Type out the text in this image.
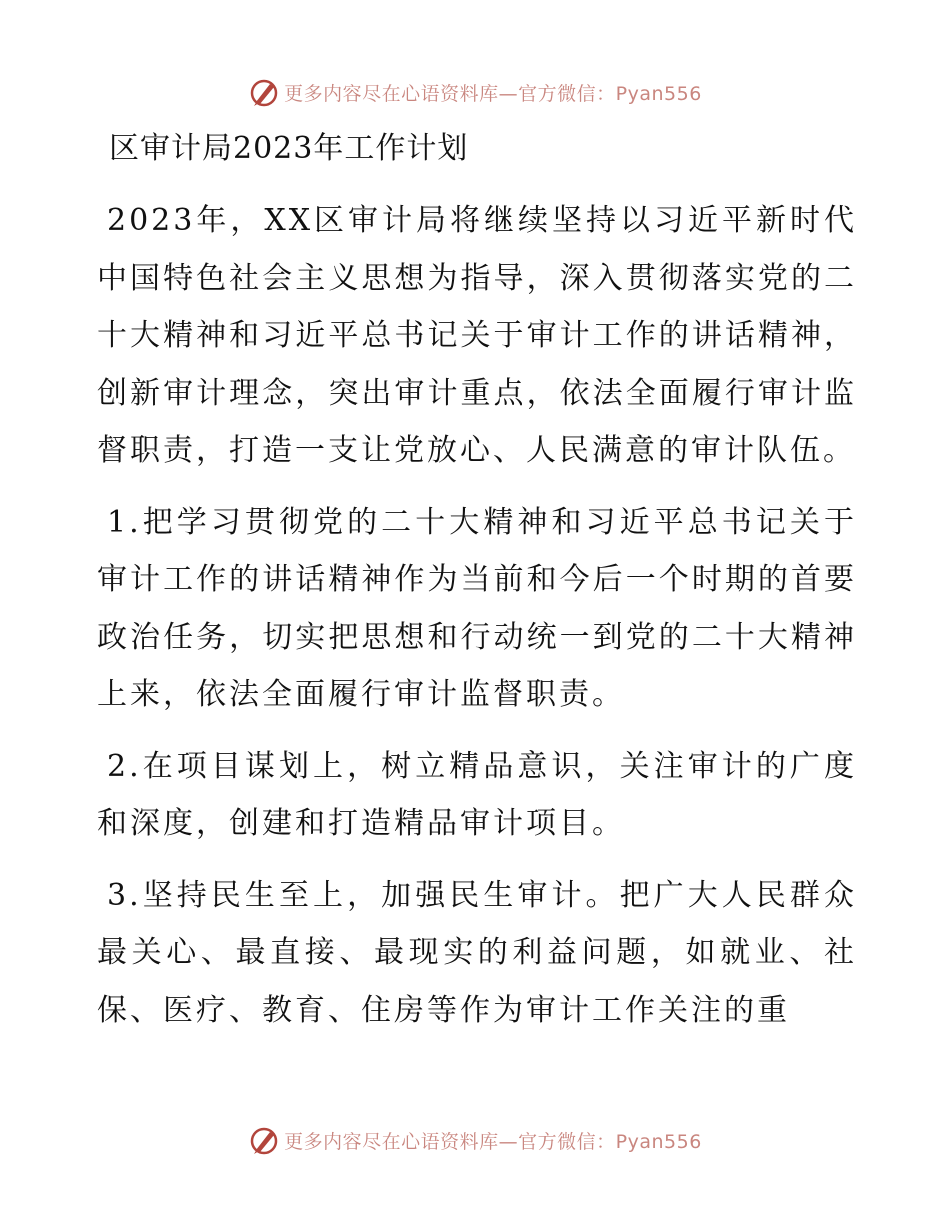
更多内容尽在心语资料库—官方微信：Pyan556
区审计局2023年工作计划

2023年，XX区审计局将继续坚持以习近平新时代中国特色社会主义思想为指导，深入贯彻落实党的二十大精神和习近平总书记关于审计工作的讲话精神，创新审计理念，突出审计重点，依法全面履行审计监督职责，打造一支让党放心、人民满意的审计队伍。

1.把学习贯彻党的二十大精神和习近平总书记关于审计工作的讲话精神作为当前和今后一个时期的首要政治任务，切实把思想和行动统一到党的二十大精神上来，依法全面履行审计监督职责。

2.在项目谋划上，树立精品意识，关注审计的广度和深度，创建和打造精品审计项目。

3.坚持民生至上，加强民生审计。把广大人民群众最关心、最直接、最现实的利益问题，如就业、社保、医疗、教育、住房等作为审计工作关注的重

更多内容尽在心语资料库—官方微信：Pyan556
